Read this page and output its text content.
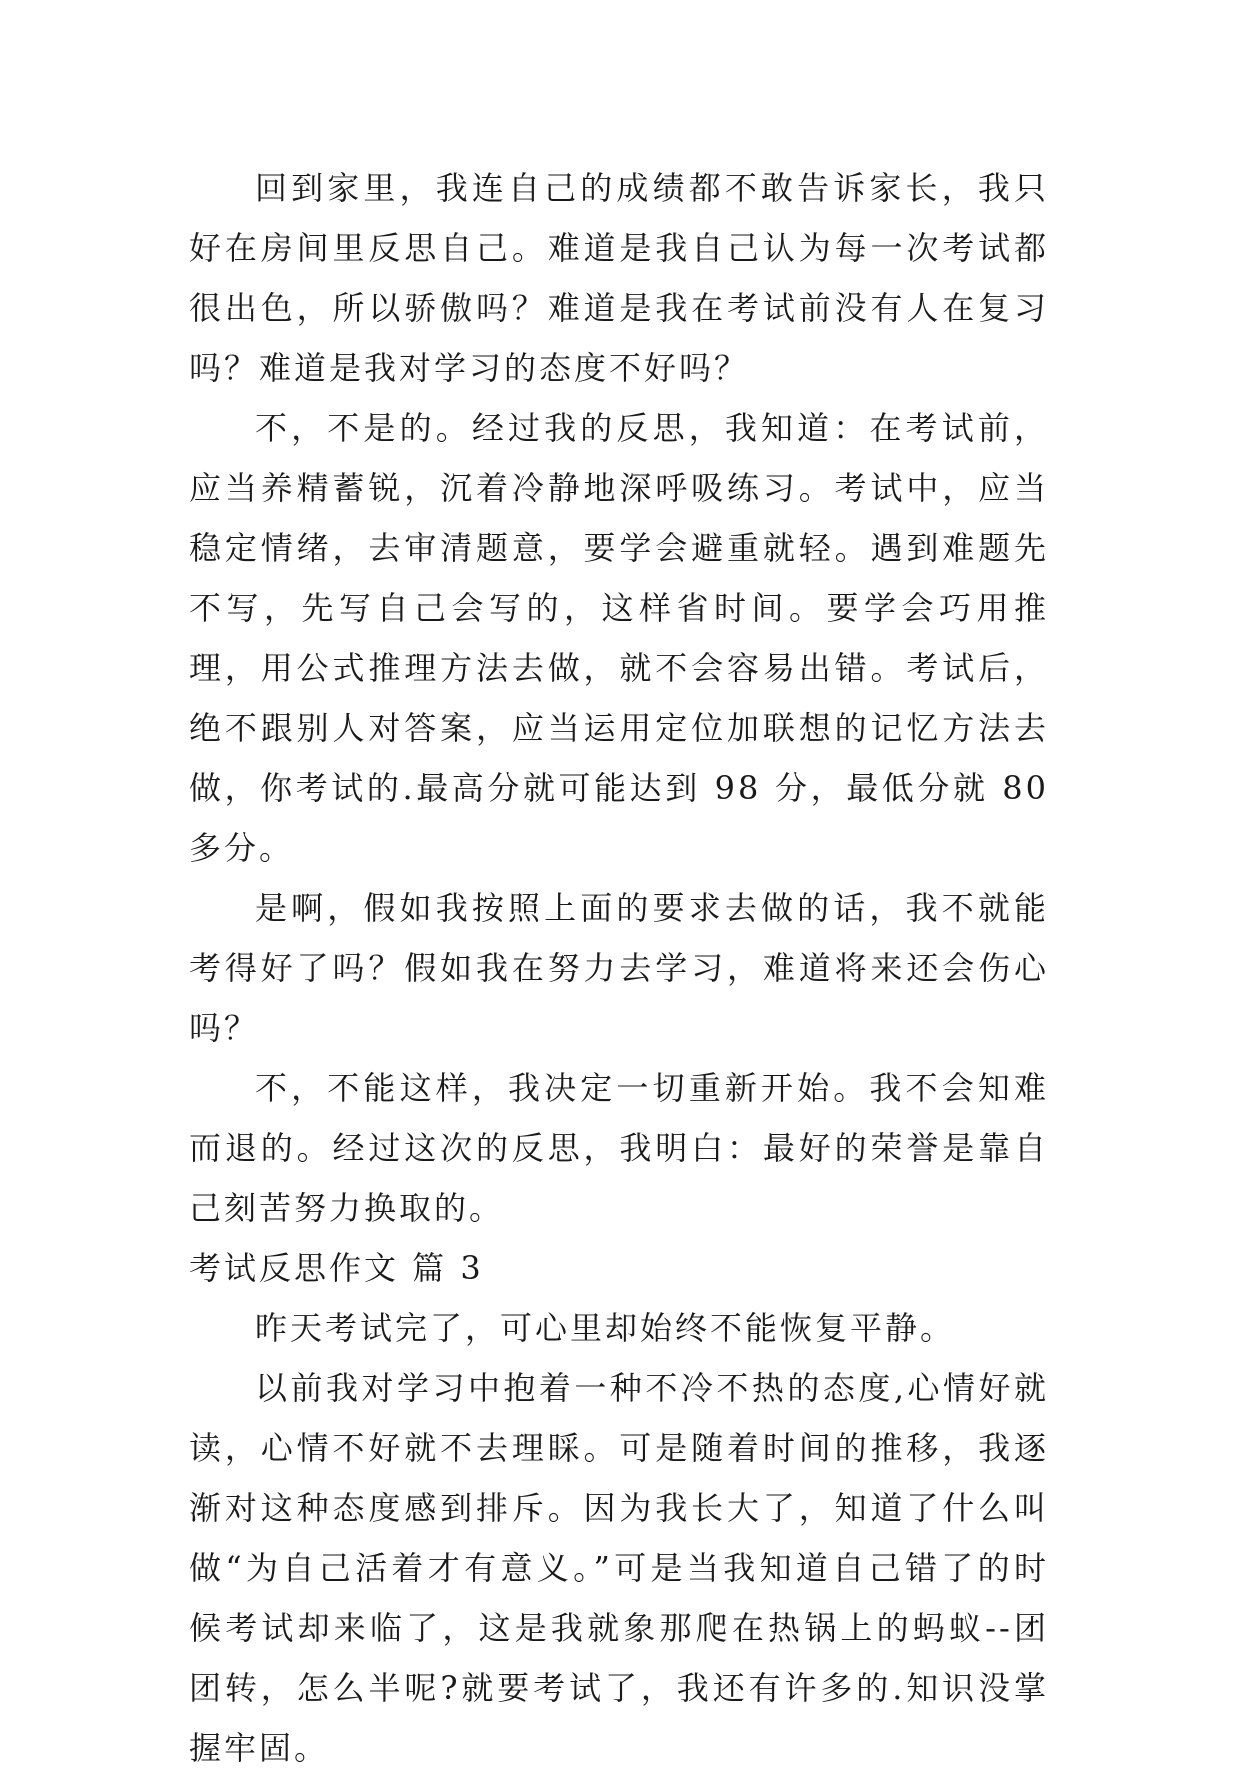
回到家里，我连自己的成绩都不敢告诉家长，我只好在房间里反思自己。难道是我自己认为每一次考试都很出色，所以骄傲吗？难道是我在考试前没有人在复习吗？难道是我对学习的态度不好吗？

不，不是的。经过我的反思，我知道：在考试前，应当养精蓄锐，沉着冷静地深呼吸练习。考试中，应当稳定情绪，去审清题意，要学会避重就轻。遇到难题先不写，先写自己会写的，这样省时间。要学会巧用推理，用公式推理方法去做，就不会容易出错。考试后，绝不跟别人对答案，应当运用定位加联想的记忆方法去做，你考试的.最高分就可能达到 98 分，最低分就 80 多分。

是啊，假如我按照上面的要求去做的话，我不就能考得好了吗？假如我在努力去学习，难道将来还会伤心吗？

不，不能这样，我决定一切重新开始。我不会知难而退的。经过这次的反思，我明白：最好的荣誉是靠自己刻苦努力换取的。

考试反思作文 篇 3

昨天考试完了，可心里却始终不能恢复平静。

以前我对学习中抱着一种不冷不热的态度,心情好就读，心情不好就不去理睬。可是随着时间的推移，我逐渐对这种态度感到排斥。因为我长大了，知道了什么叫做“为自己活着才有意义。”可是当我知道自己错了的时候考试却来临了，这是我就象那爬在热锅上的蚂蚁--团团转，怎么半呢?就要考试了，我还有许多的.知识没掌握牢固。
